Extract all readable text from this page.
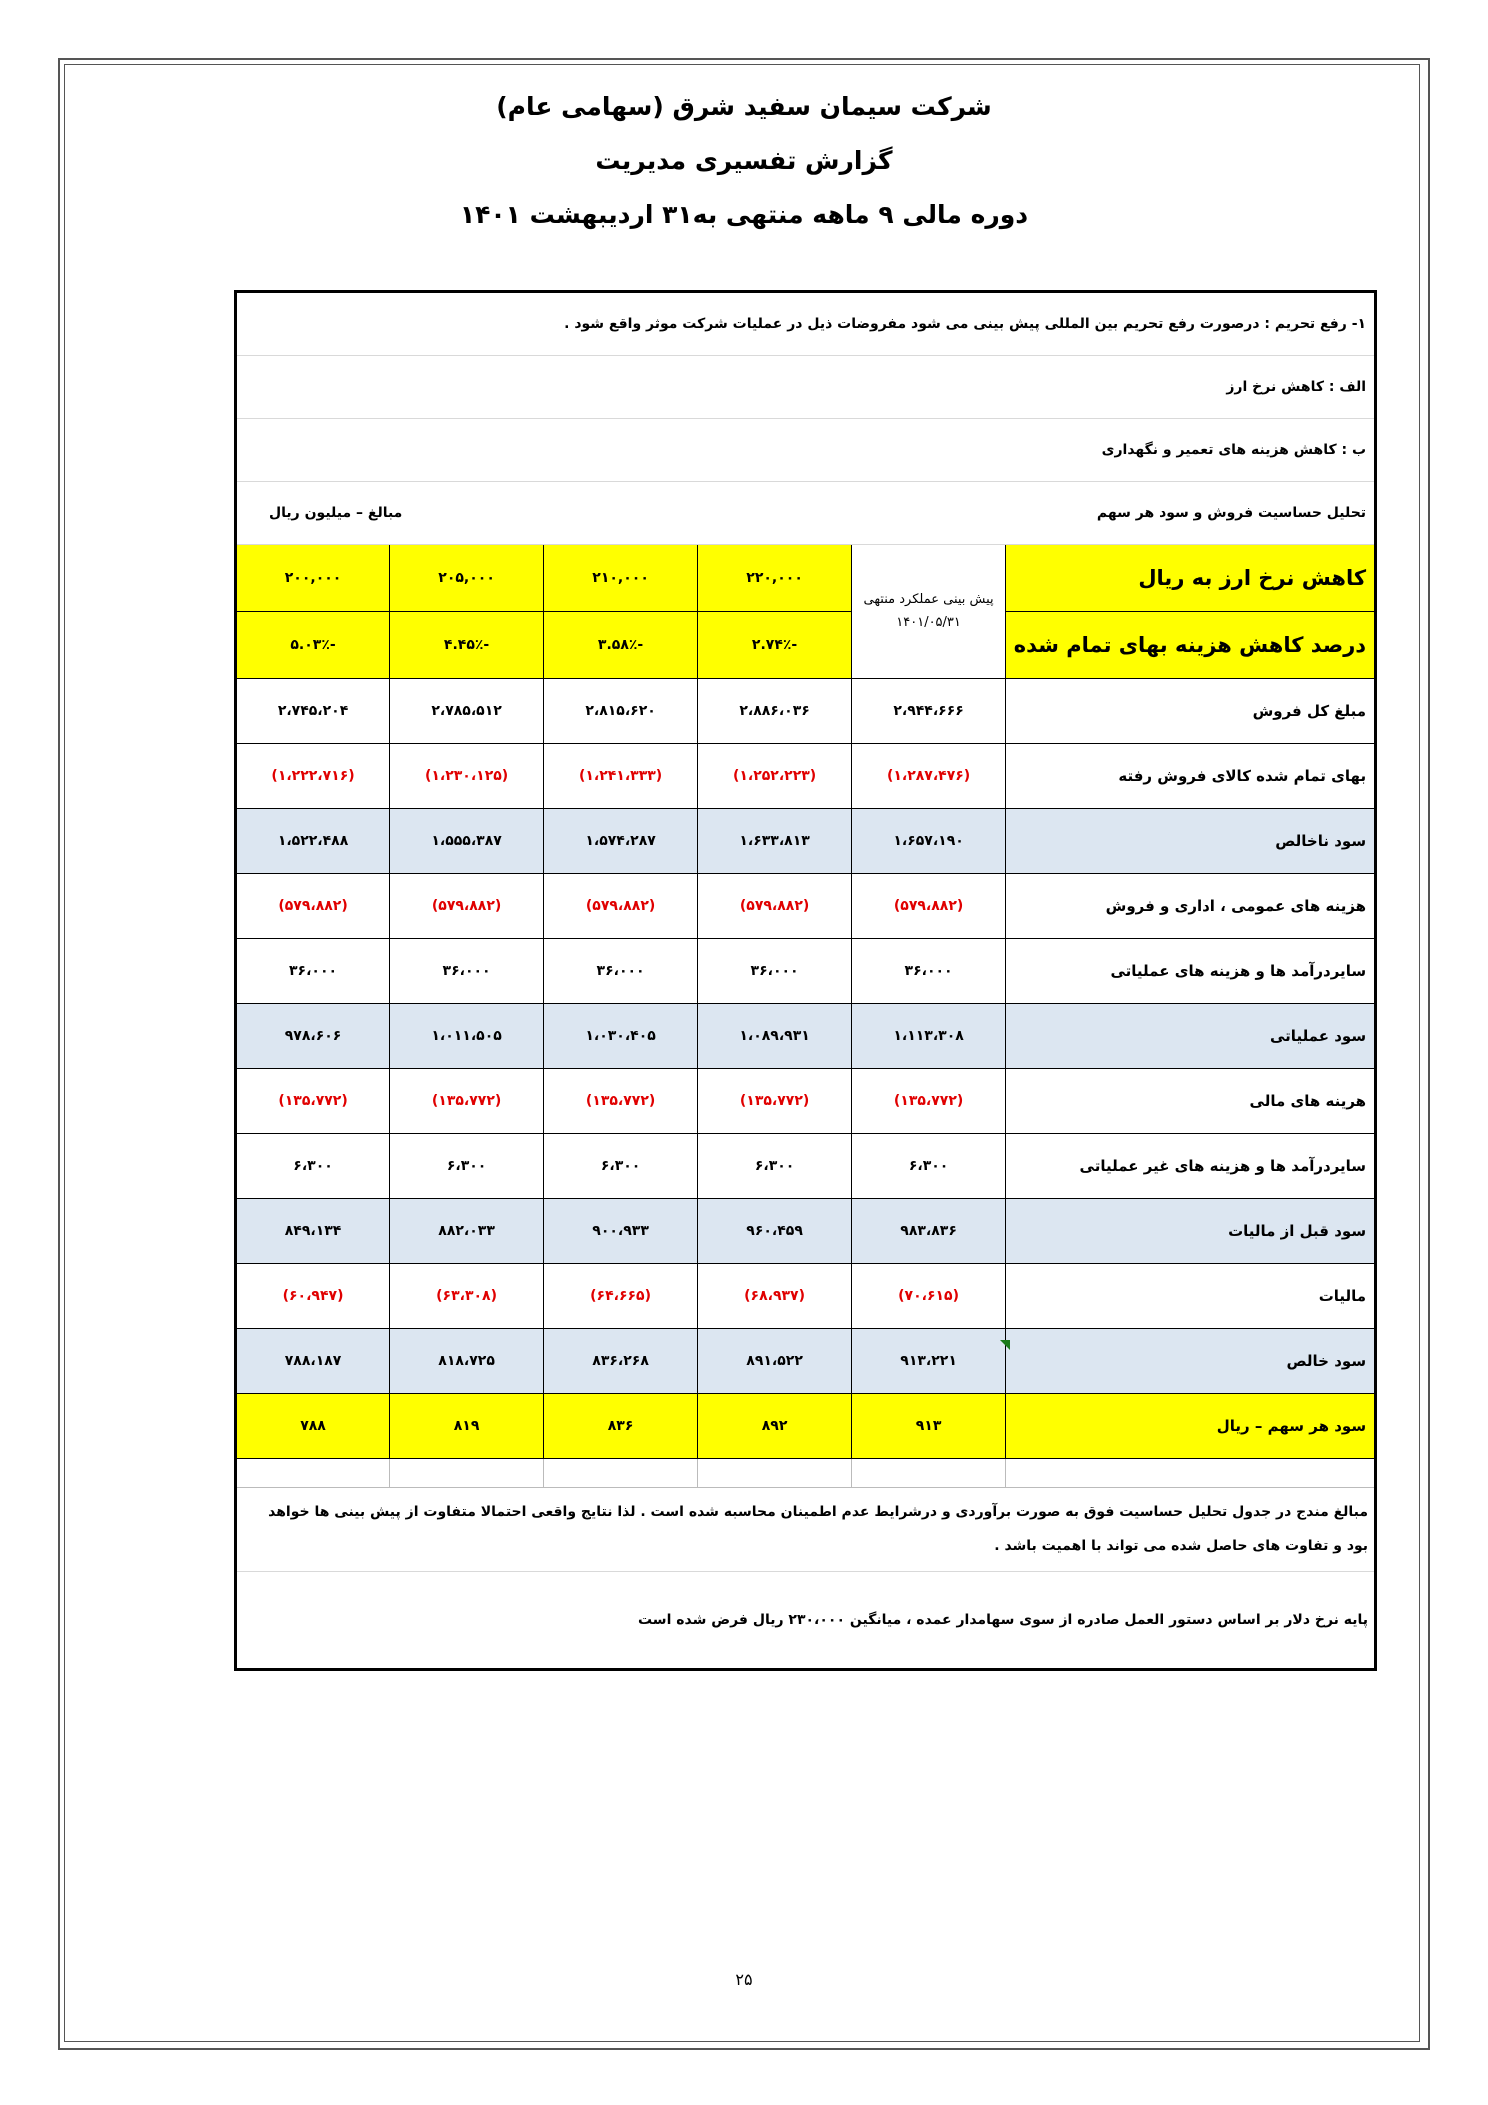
شرکت سیمان سفید شرق (سهامی عام)
گزارش تفسیری مدیریت
دوره مالی ۹ ماهه منتهی به۳۱ اردیبهشت ۱۴۰۱
۱- رفع تحریم : درصورت رفع تحریم بین المللی پیش بینی می شود مفروضات ذیل در عملیات شرکت موثر واقع شود .					
الف : کاهش نرخ ارز					
ب : کاهش هزینه های تعمیر و نگهداری					
تحلیل حساسیت فروش و سود هر سهم			مبالغ – میلیون ریال		
کاهش نرخ ارز به ریال	پیش بینی عملکرد منتهی ۱۴۰۱/۰۵/۳۱	۲۲۰,۰۰۰	۲۱۰,۰۰۰	۲۰۵,۰۰۰	۲۰۰,۰۰۰
درصد کاهش هزینه بهای تمام شده		-۲.۷۴٪	-۳.۵۸٪	-۴.۴۵٪	-۵.۰۳٪
مبلغ کل فروش	۲،۹۴۴،۶۶۶	۲،۸۸۶،۰۳۶	۲،۸۱۵،۶۲۰	۲،۷۸۵،۵۱۲	۲،۷۴۵،۲۰۴
بهای تمام شده کالای فروش رفته	(۱،۲۸۷،۴۷۶)	(۱،۲۵۲،۲۲۳)	(۱،۲۴۱،۳۳۳)	(۱،۲۳۰،۱۲۵)	(۱،۲۲۲،۷۱۶)
سود ناخالص	۱،۶۵۷،۱۹۰	۱،۶۳۳،۸۱۳	۱،۵۷۴،۲۸۷	۱،۵۵۵،۳۸۷	۱،۵۲۲،۴۸۸
هزینه های عمومی ، اداری و فروش	(۵۷۹،۸۸۲)	(۵۷۹،۸۸۲)	(۵۷۹،۸۸۲)	(۵۷۹،۸۸۲)	(۵۷۹،۸۸۲)
سایردرآمد ها و هزینه های عملیاتی	۳۶،۰۰۰	۳۶،۰۰۰	۳۶،۰۰۰	۳۶،۰۰۰	۳۶،۰۰۰
سود عملیاتی	۱،۱۱۳،۳۰۸	۱،۰۸۹،۹۳۱	۱،۰۳۰،۴۰۵	۱،۰۱۱،۵۰۵	۹۷۸،۶۰۶
هرینه های مالی	(۱۳۵،۷۷۲)	(۱۳۵،۷۷۲)	(۱۳۵،۷۷۲)	(۱۳۵،۷۷۲)	(۱۳۵،۷۷۲)
سایردرآمد ها و هزینه های غیر عملیاتی	۶،۳۰۰	۶،۳۰۰	۶،۳۰۰	۶،۳۰۰	۶،۳۰۰
سود قبل از مالیات	۹۸۳،۸۳۶	۹۶۰،۴۵۹	۹۰۰،۹۳۳	۸۸۲،۰۳۳	۸۴۹،۱۳۴
مالیات	(۷۰،۶۱۵)	(۶۸،۹۳۷)	(۶۴،۶۶۵)	(۶۳،۳۰۸)	(۶۰،۹۴۷)
سود خالص	۹۱۳،۲۲۱	۸۹۱،۵۲۲	۸۳۶،۲۶۸	۸۱۸،۷۲۵	۷۸۸،۱۸۷
سود هر سهم – ریال	۹۱۳	۸۹۲	۸۳۶	۸۱۹	۷۸۸

مبالغ مندج در جدول تحلیل حساسیت فوق به صورت برآوردی و درشرایط عدم اطمینان محاسبه شده است . لذا نتایج واقعی احتمالا متفاوت از پیش بینی ها خواهد بود و تفاوت های حاصل شده می تواند با اهمیت باشد .					
پایه نرخ دلار بر اساس دستور العمل صادره از سوی سهامدار عمده ، میانگین ۲۳۰،۰۰۰ ریال فرض شده است					
۲۵
